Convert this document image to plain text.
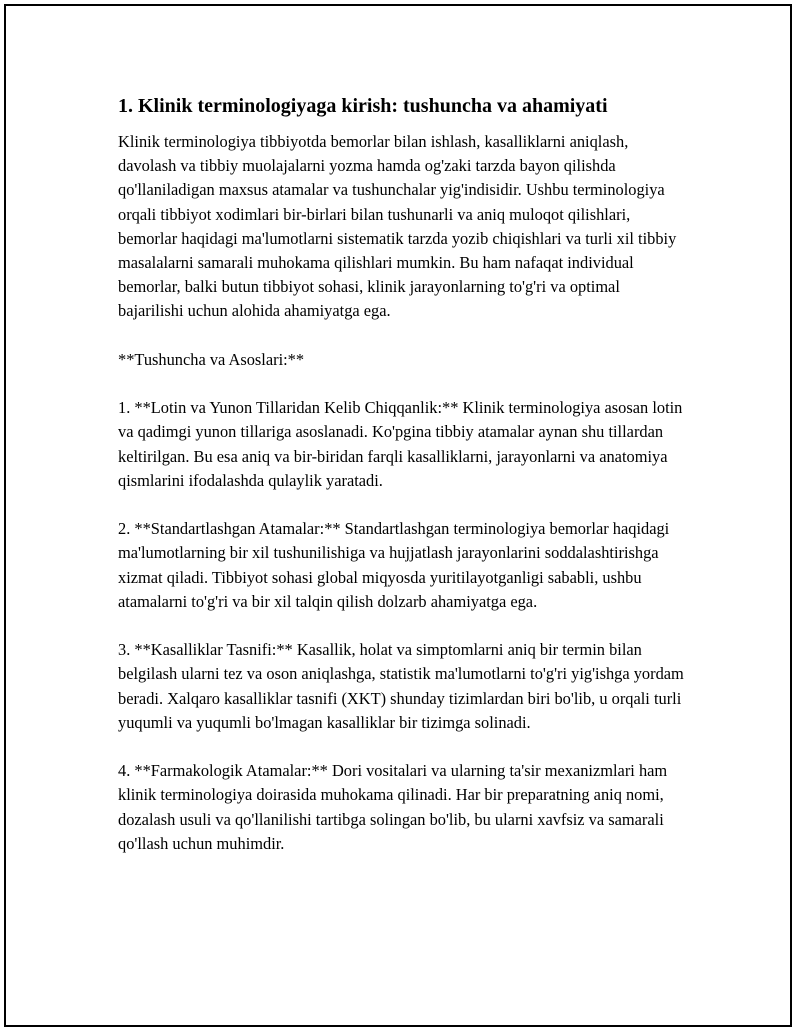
1. Klinik terminologiyaga kirish: tushuncha va ahamiyati

Klinik terminologiya tibbiyotda bemorlar bilan ishlash, kasalliklarni aniqlash, davolash va tibbiy muolajalarni yozma hamda og'zaki tarzda bayon qilishda qo'llaniladigan maxsus atamalar va tushunchalar yig'indisidir. Ushbu terminologiya orqali tibbiyot xodimlari bir-birlari bilan tushunarli va aniq muloqot qilishlari, bemorlar haqidagi ma'lumotlarni sistematik tarzda yozib chiqishlari va turli xil tibbiy masalalarni samarali muhokama qilishlari mumkin. Bu ham nafaqat individual bemorlar, balki butun tibbiyot sohasi, klinik jarayonlarning to'g'ri va optimal bajarilishi uchun alohida ahamiyatga ega.

**Tushuncha va Asoslari:**

1. **Lotin va Yunon Tillaridan Kelib Chiqqanlik:** Klinik terminologiya asosan lotin va qadimgi yunon tillariga asoslanadi. Ko'pgina tibbiy atamalar aynan shu tillardan keltirilgan. Bu esa aniq va bir-biridan farqli kasalliklarni, jarayonlarni va anatomiya qismlarini ifodalashda qulaylik yaratadi.

2. **Standartlashgan Atamalar:** Standartlashgan terminologiya bemorlar haqidagi ma'lumotlarning bir xil tushunilishiga va hujjatlash jarayonlarini soddalashtirishga xizmat qiladi. Tibbiyot sohasi global miqyosda yuritilayotganligi sababli, ushbu atamalarni to'g'ri va bir xil talqin qilish dolzarb ahamiyatga ega.

3. **Kasalliklar Tasnifi:** Kasallik, holat va simptomlarni aniq bir termin bilan belgilash ularni tez va oson aniqlashga, statistik ma'lumotlarni to'g'ri yig'ishga yordam beradi. Xalqaro kasalliklar tasnifi (XKT) shunday tizimlardan biri bo'lib, u orqali turli yuqumli va yuqumli bo'lmagan kasalliklar bir tizimga solinadi.

4. **Farmakologik Atamalar:** Dori vositalari va ularning ta'sir mexanizmlari ham klinik terminologiya doirasida muhokama qilinadi. Har bir preparatning aniq nomi, dozalash usuli va qo'llanilishi tartibga solingan bo'lib, bu ularni xavfsiz va samarali qo'llash uchun muhimdir.
